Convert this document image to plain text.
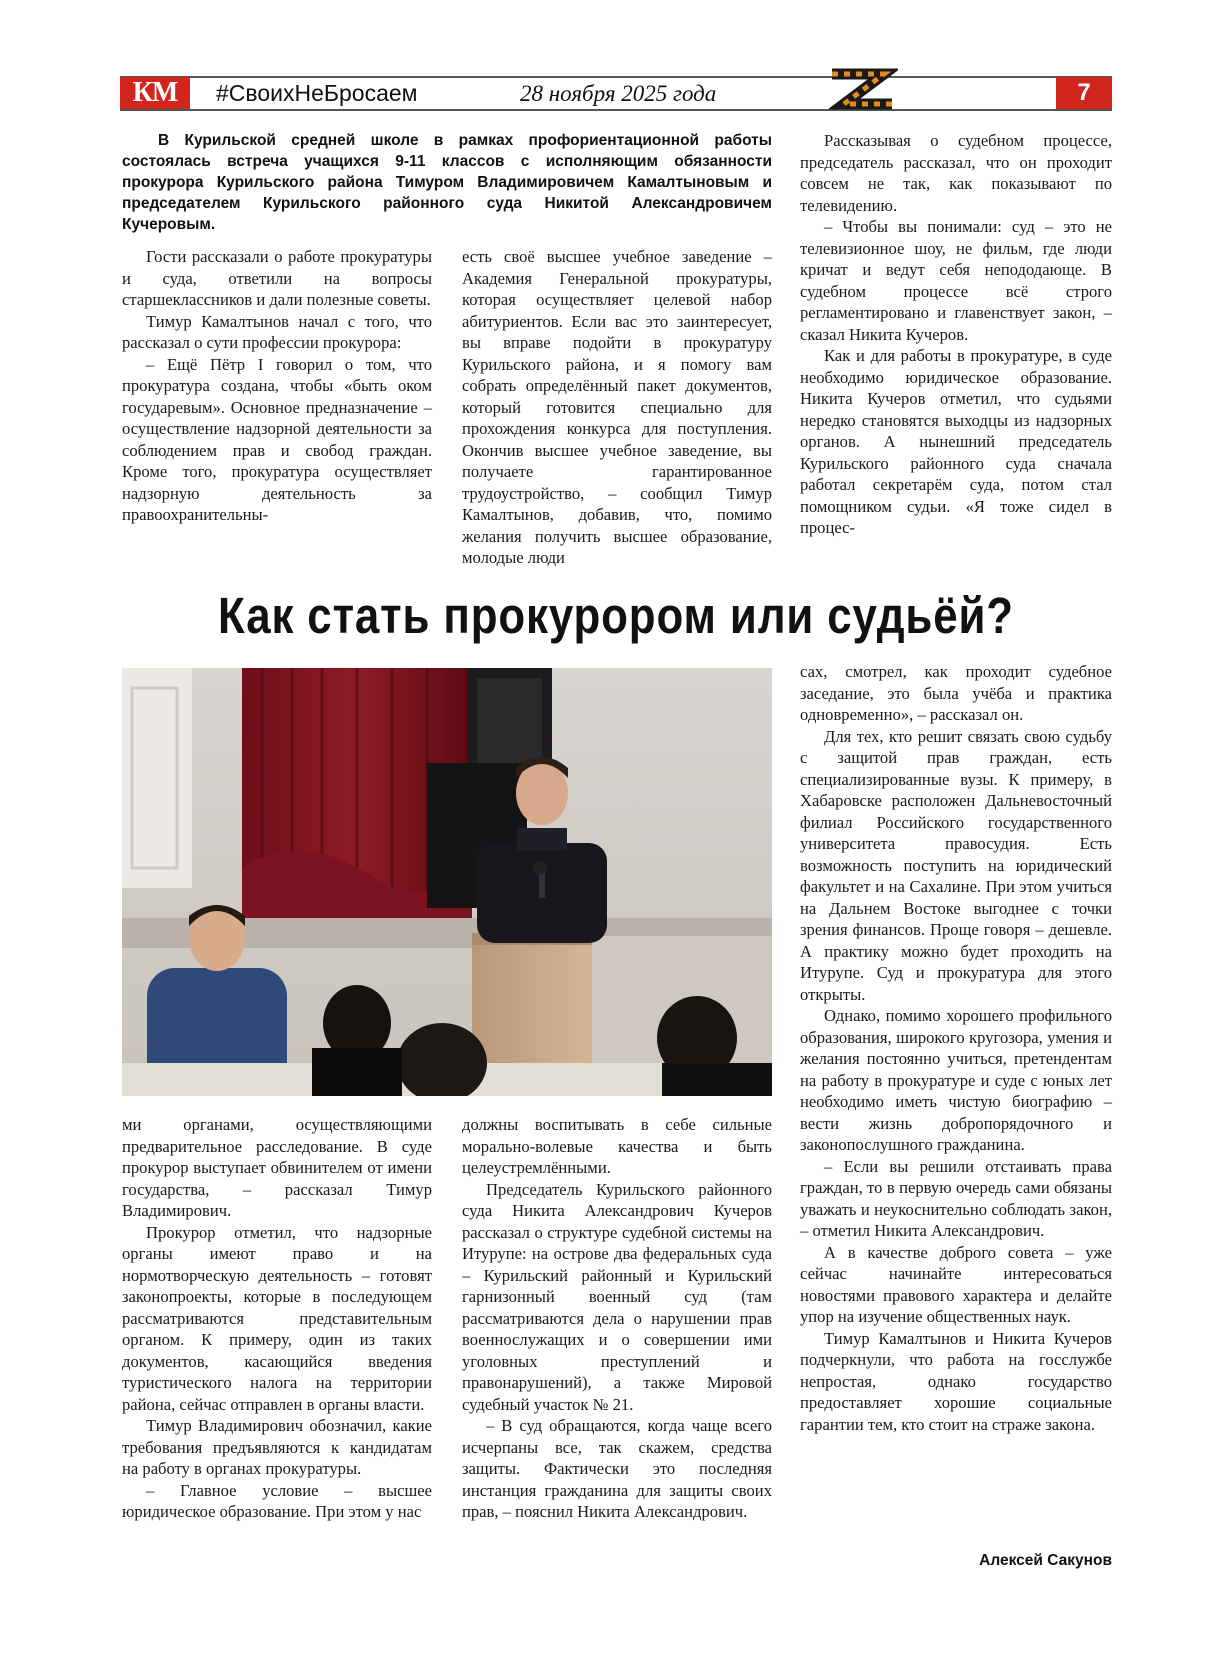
КМ	#СвоихНеБросаем	28 ноября 2025 года	7
В Курильской средней школе в рамках профориентационной работы состоялась встреча учащихся 9-11 классов с исполняющим обязанности прокурора Курильского района Тимуром Владимировичем Камалтыновым и председателем Курильского районного суда Никитой Александровичем Кучеровым.

Гости рассказали о работе прокуратуры и суда, ответили на вопросы старшеклассников и дали полезные советы.

Тимур Камалтынов начал с того, что рассказал о сути профессии прокурора:

– Ещё Пётр I говорил о том, что прокуратура создана, чтобы «быть оком государевым». Основное предназначение – осуществление надзорной деятельности за соблюдением прав и свобод граждан. Кроме того, прокуратура осуществляет надзорную деятельность за правоохранительны-

есть своё высшее учебное заведение – Академия Генеральной прокуратуры, которая осуществляет целевой набор абитуриентов. Если вас это заинтересует, вы вправе подойти в прокуратуру Курильского района, и я помогу вам собрать определённый пакет документов, который готовится специально для прохождения конкурса для поступления. Окончив высшее учебное заведение, вы получаете гарантированное трудоустройство, – сообщил Тимур Камалтынов, добавив, что, помимо желания получить высшее образование, молодые люди

Рассказывая о судебном процессе, председатель рассказал, что он проходит совсем не так, как показывают по телевидению.

– Чтобы вы понимали: суд – это не телевизионное шоу, не фильм, где люди кричат и ведут себя непододающе. В судебном процессе всё строго регламентировано и главенствует закон, – сказал Никита Кучеров.

Как и для работы в прокуратуре, в суде необходимо юридическое образование. Никита Кучеров отметил, что судьями нередко становятся выходцы из надзорных органов. А нынешний председатель Курильского районного суда сначала работал секретарём суда, потом стал помощником судьи. «Я тоже сидел в процес-

Как стать прокурором или судьёй?

ми органами, осуществляющими предварительное расследование. В суде прокурор выступает обвинителем от имени государства, – рассказал Тимур Владимирович.

Прокурор отметил, что надзорные органы имеют право и на нормотворческую деятельность – готовят законопроекты, которые в последующем рассматриваются представительным органом. К примеру, один из таких документов, касающийся введения туристического налога на территории района, сейчас отправлен в органы власти.

Тимур Владимирович обозначил, какие требования предъявляются к кандидатам на работу в органах прокуратуры.

– Главное условие – высшее юридическое образование. При этом у нас

должны воспитывать в себе сильные морально-волевые качества и быть целеустремлёнными.

Председатель Курильского районного суда Никита Александрович Кучеров рассказал о структуре судебной системы на Итурупе: на острове два федеральных суда – Курильский районный и Курильский гарнизонный военный суд (там рассматриваются дела о нарушении прав военнослужащих и о совершении ими уголовных преступлений и правонарушений), а также Мировой судебный участок № 21.

– В суд обращаются, когда чаще всего исчерпаны все, так скажем, средства защиты. Фактически это последняя инстанция гражданина для защиты своих прав, – пояснил Никита Александрович.

сах, смотрел, как проходит судебное заседание, это была учёба и практика одновременно», – рассказал он.

Для тех, кто решит связать свою судьбу с защитой прав граждан, есть специализированные вузы. К примеру, в Хабаровске расположен Дальневосточный филиал Российского государственного университета правосудия. Есть возможность поступить на юридический факультет и на Сахалине. При этом учиться на Дальнем Востоке выгоднее с точки зрения финансов. Проще говоря – дешевле. А практику можно будет проходить на Итурупе. Суд и прокуратура для этого открыты.

Однако, помимо хорошего профильного образования, широкого кругозора, умения и желания постоянно учиться, претендентам на работу в прокуратуре и суде с юных лет необходимо иметь чистую биографию – вести жизнь добропорядочного и законопослушного гражданина.

– Если вы решили отстаивать права граждан, то в первую очередь сами обязаны уважать и неукоснительно соблюдать закон, – отметил Никита Александрович.

А в качестве доброго совета – уже сейчас начинайте интересоваться новостями правового характера и делайте упор на изучение общественных наук.

Тимур Камалтынов и Никита Кучеров подчеркнули, что работа на госслужбе непростая, однако государство предоставляет хорошие социальные гарантии тем, кто стоит на страже закона.

Алексей Сакунов
